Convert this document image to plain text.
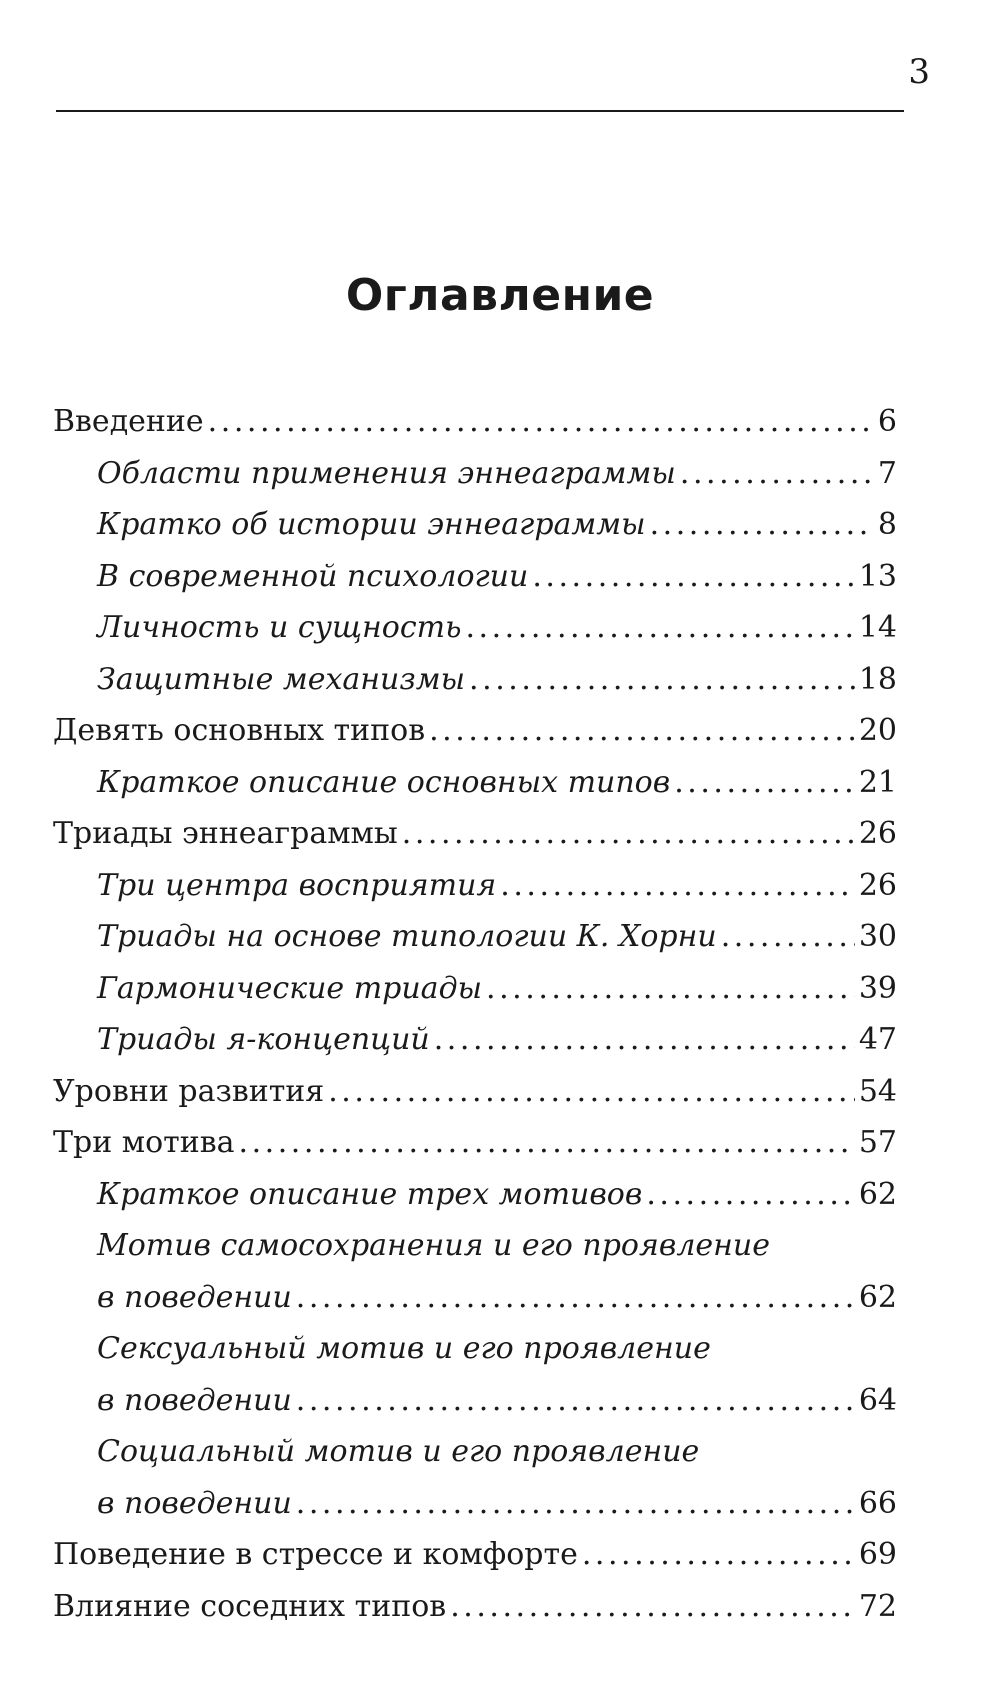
3
Оглавление
Введение . . .	6
Области применения эннеаграммы . . .	7
Кратко об истории эннеаграммы . . .	8
В современной психологии . . .	13
Личность и сущность . . .	14
Защитные механизмы . . .	18
Девять основных типов . . .	20
Краткое описание основных типов . . .	21
Триады эннеаграммы . . .	26
Три центра восприятия . . .	26
Триады на основе типологии К. Хорни . . .	30
Гармонические триады . . .	39
Триады я-концепций . . .	47
Уровни развития . . .	54
Три мотива . . .	57
Краткое описание трех мотивов . . .	62
Мотив самосохранения и его проявление
в поведении . . .	62
Сексуальный мотив и его проявление
в поведении . . .	64
Социальный мотив и его проявление
в поведении . . .	66
Поведение в стрессе и комфорте . . .	69
Влияние соседних типов . . .	72
